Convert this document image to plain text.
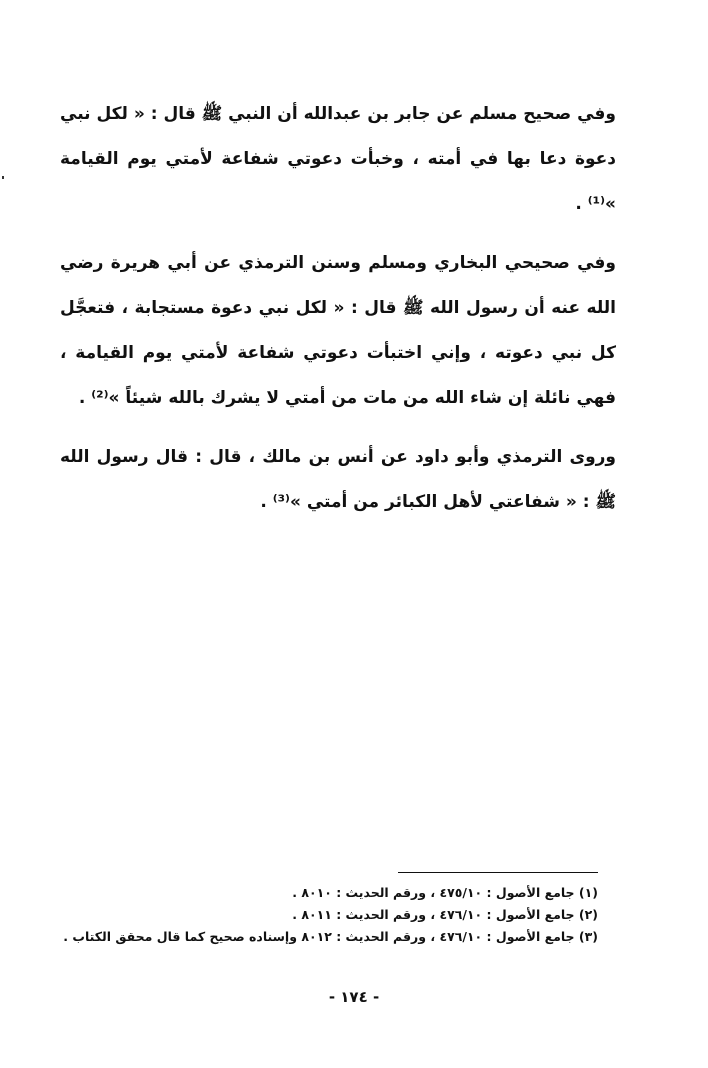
وفي صحيح مسلم عن جابر بن عبدالله أن النبي ﷺ قال : « لكل نبي دعوة دعا بها في أمته ، وخبأت دعوتي شفاعة لأمتي يوم القيامة »⁽¹⁾ .

وفي صحيحي البخاري ومسلم وسنن الترمذي عن أبي هريرة رضي الله عنه أن رسول الله ﷺ قال : « لكل نبي دعوة مستجابة ، فتعجَّل كل نبي دعوته ، وإني اختبأت دعوتي شفاعة لأمتي يوم القيامة ، فهي نائلة إن شاء الله من مات من أمتي لا يشرك بالله شيئاً »⁽²⁾ .

وروى الترمذي وأبو داود عن أنس بن مالك ، قال : قال رسول الله ﷺ : « شفاعتي لأهل الكبائر من أمتي »⁽³⁾ .

(١) جامع الأصول : ٤٧٥/١٠ ، ورقم الحديث : ٨٠١٠ .
(٢) جامع الأصول : ٤٧٦/١٠ ، ورقم الحديث : ٨٠١١ .
(٣) جامع الأصول : ٤٧٦/١٠ ، ورقم الحديث : ٨٠١٢ وإسناده صحيح كما قال محقق الكتاب .
- ١٧٤ -
